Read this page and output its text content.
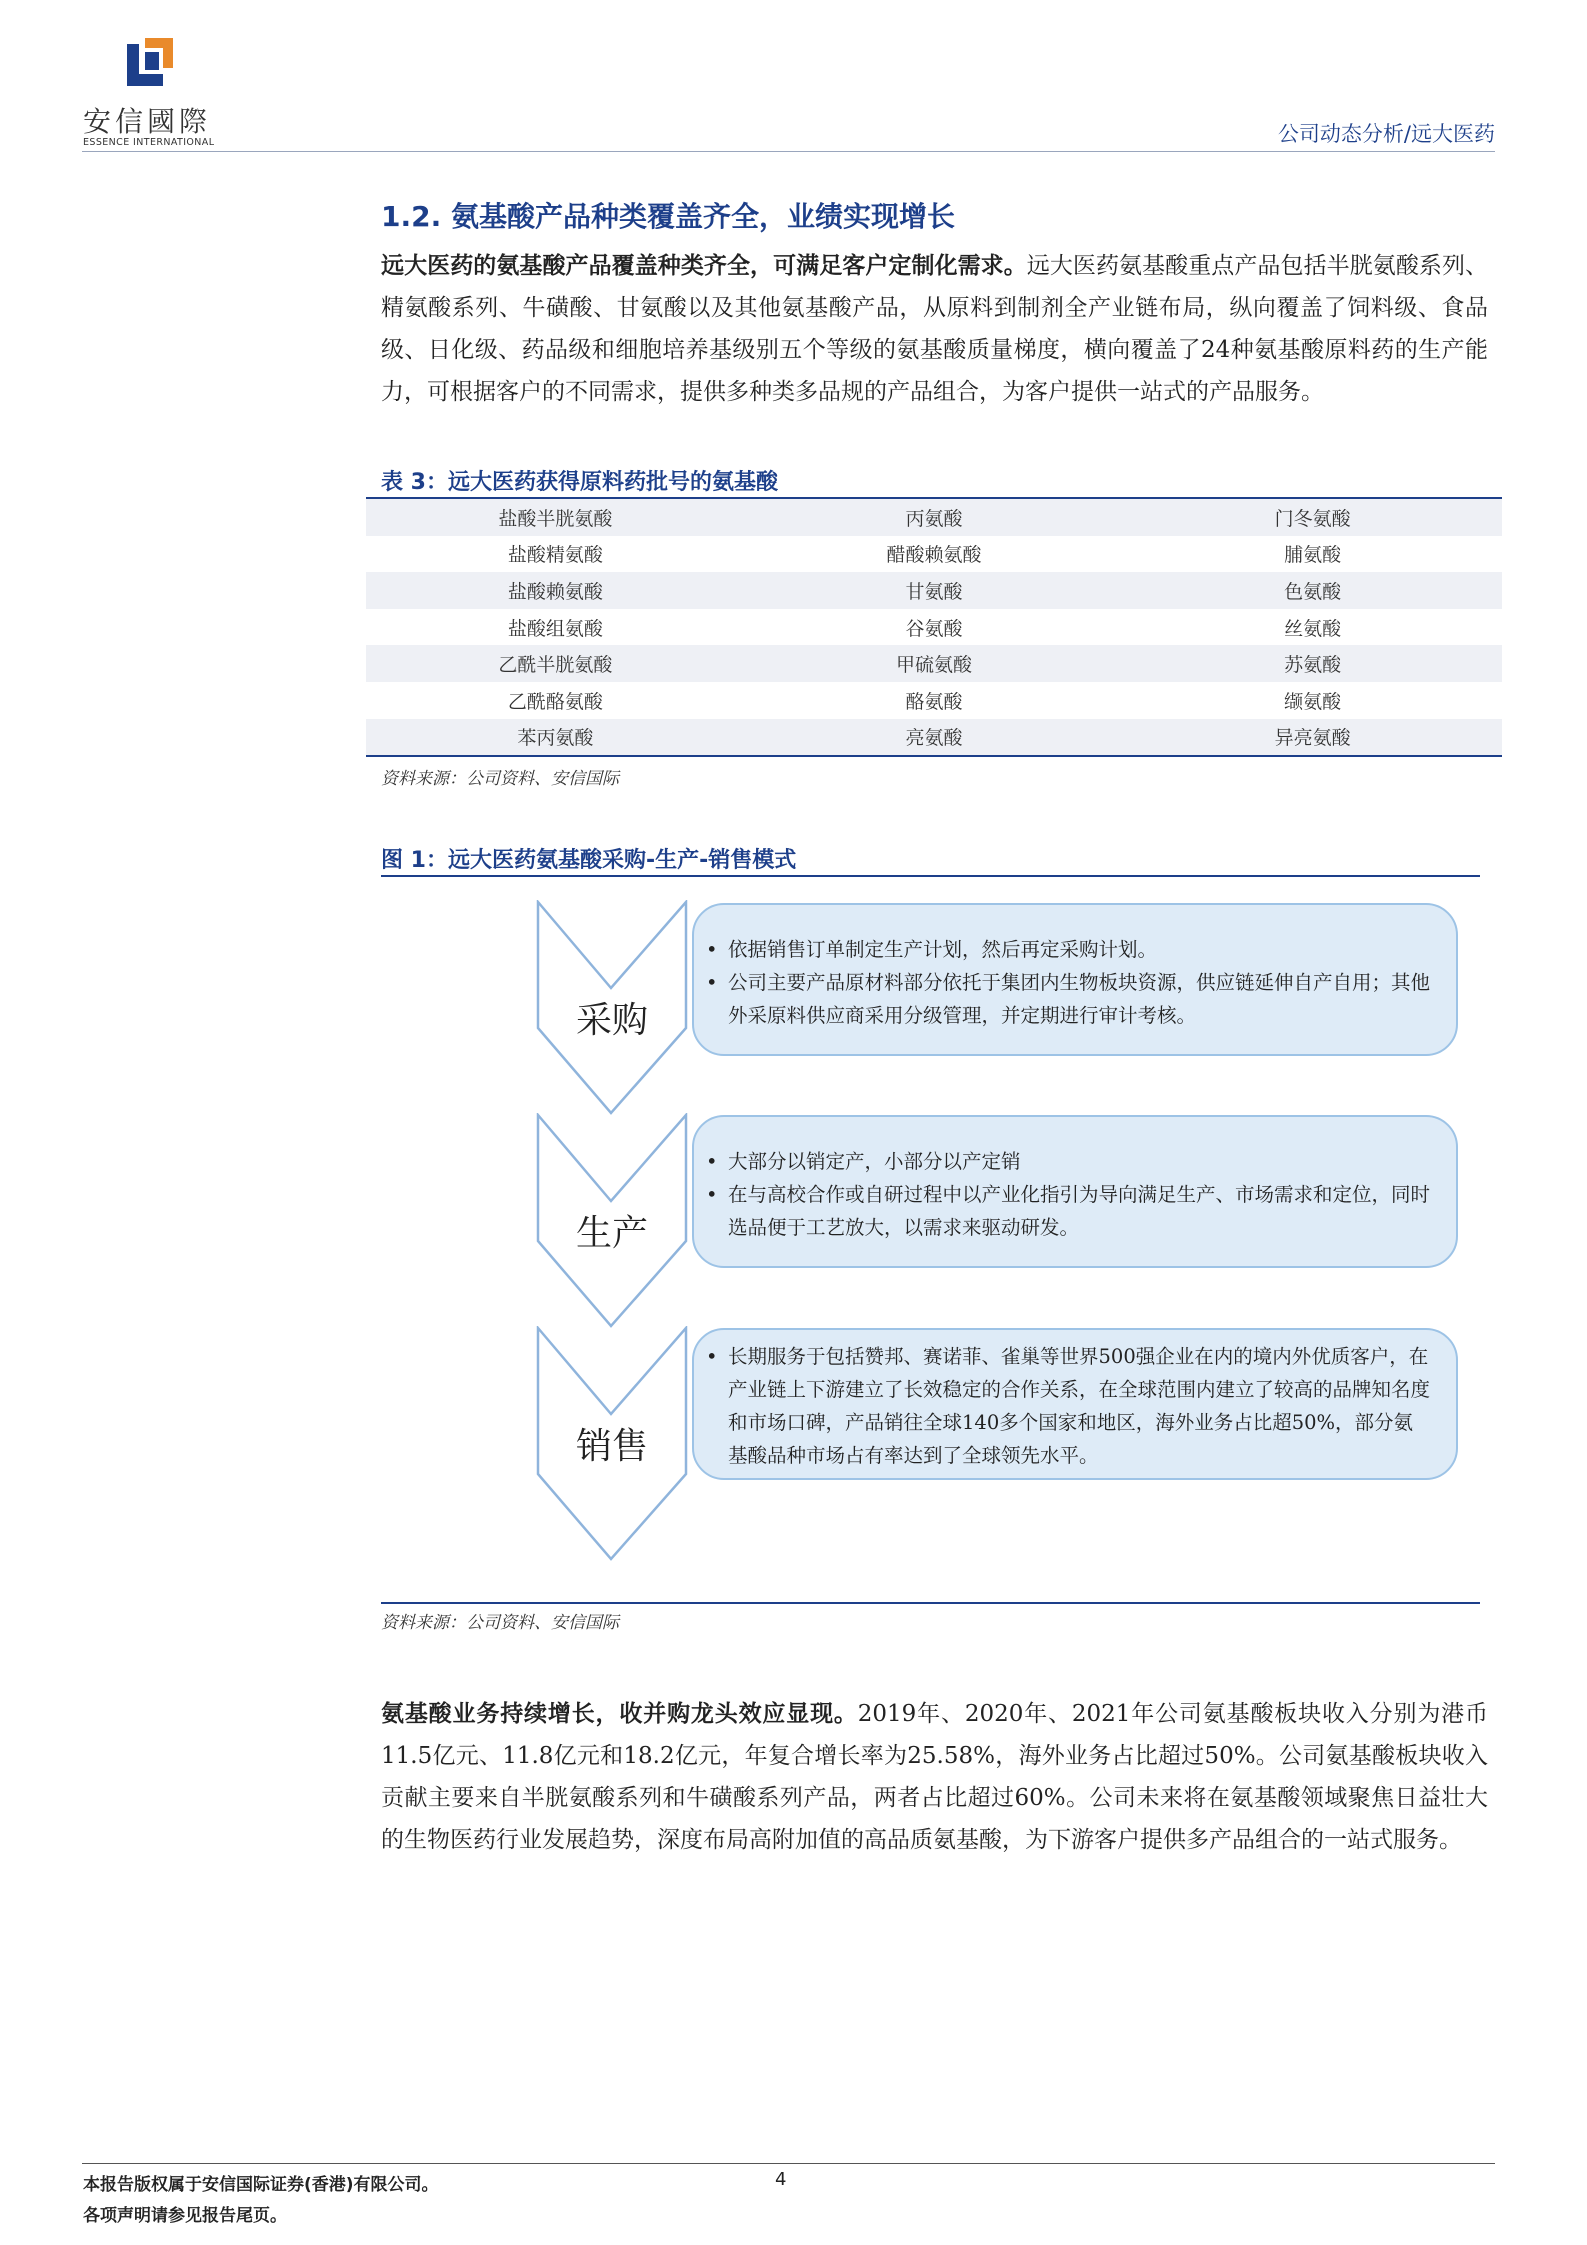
安信國際
ESSENCE INTERNATIONAL	公司动态分析/远大医药
1.2. 氨基酸产品种类覆盖齐全，业绩实现增长
远大医药的氨基酸产品覆盖种类齐全，可满足客户定制化需求。远大医药氨基酸重点产品包括半胱氨酸系列、精氨酸系列、牛磺酸、甘氨酸以及其他氨基酸产品，从原料到制剂全产业链布局，纵向覆盖了饲料级、食品级、日化级、药品级和细胞培养基级别五个等级的氨基酸质量梯度，横向覆盖了24种氨基酸原料药的生产能力，可根据客户的不同需求，提供多种类多品规的产品组合，为客户提供一站式的产品服务。
表 3：远大医药获得原料药批号的氨基酸
盐酸半胱氨酸	丙氨酸	门冬氨酸
盐酸精氨酸	醋酸赖氨酸	脯氨酸
盐酸赖氨酸	甘氨酸	色氨酸
盐酸组氨酸	谷氨酸	丝氨酸
乙酰半胱氨酸	甲硫氨酸	苏氨酸
乙酰酪氨酸	酪氨酸	缬氨酸
苯丙氨酸	亮氨酸	异亮氨酸
资料来源：公司资料、安信国际
图 1：远大医药氨基酸采购-生产-销售模式
采购
• 依据销售订单制定生产计划，然后再定采购计划。
• 公司主要产品原材料部分依托于集团内生物板块资源，供应链延伸自产自用；其他外采原料供应商采用分级管理，并定期进行审计考核。
生产
• 大部分以销定产，小部分以产定销
• 在与高校合作或自研过程中以产业化指引为导向满足生产、市场需求和定位，同时选品便于工艺放大，以需求来驱动研发。
销售
• 长期服务于包括赞邦、赛诺菲、雀巢等世界500强企业在内的境内外优质客户，在产业链上下游建立了长效稳定的合作关系，在全球范围内建立了较高的品牌知名度和市场口碑，产品销往全球140多个国家和地区，海外业务占比超50%，部分氨基酸品种市场占有率达到了全球领先水平。
资料来源：公司资料、安信国际
氨基酸业务持续增长，收并购龙头效应显现。2019年、2020年、2021年公司氨基酸板块收入分别为港币11.5亿元、11.8亿元和18.2亿元，年复合增长率为25.58%，海外业务占比超过50%。公司氨基酸板块收入贡献主要来自半胱氨酸系列和牛磺酸系列产品，两者占比超过60%。公司未来将在氨基酸领域聚焦日益壮大的生物医药行业发展趋势，深度布局高附加值的高品质氨基酸，为下游客户提供多产品组合的一站式服务。
本报告版权属于安信国际证券(香港)有限公司。
各项声明请参见报告尾页。
4
